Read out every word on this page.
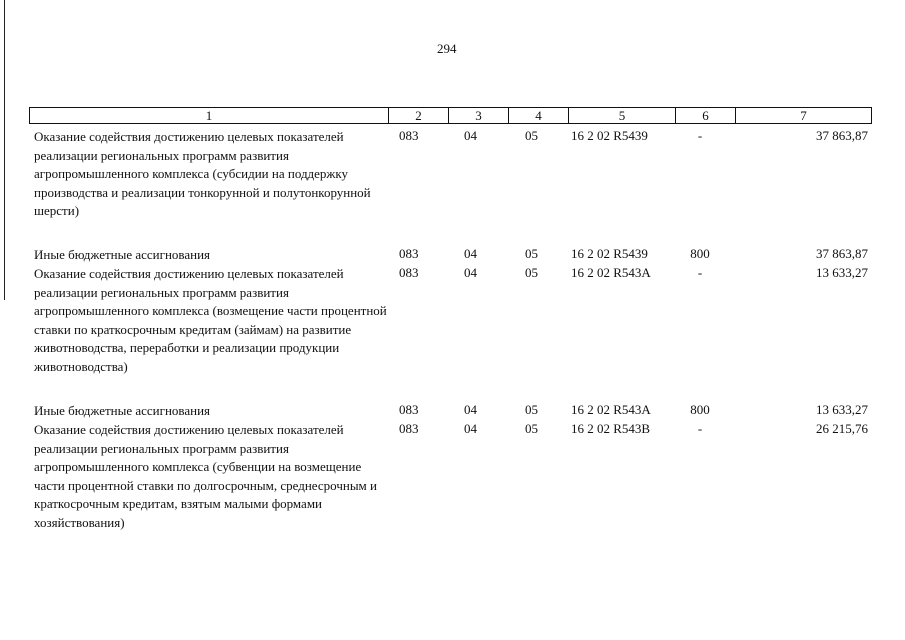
294
1	2	3	4	5	6	7
Оказание содействия достижению целевых показателей реализации региональных программ развития агропромышленного комплекса (субсидии на поддержку производства и реализации тонкорунной и полутонкорунной шерсти)
083	04	05	16 2 02 R5439	-	37 863,87
Иные бюджетные ассигнования	083	04	05	16 2 02 R5439	800	37 863,87
Оказание содействия достижению целевых показателей реализации региональных программ развития агропромышленного комплекса (возмещение части процентной ставки по краткосрочным кредитам (займам) на развитие животноводства, переработки и реализации продукции животноводства)
083	04	05	16 2 02 R543A	-	13 633,27
Иные бюджетные ассигнования	083	04	05	16 2 02 R543A	800	13 633,27
Оказание содействия достижению целевых показателей реализации региональных программ развития агропромышленного комплекса (субвенции на возмещение части процентной ставки по долгосрочным, среднесрочным и краткосрочным кредитам, взятым малыми формами хозяйствования)
083	04	05	16 2 02 R543B	-	26 215,76
